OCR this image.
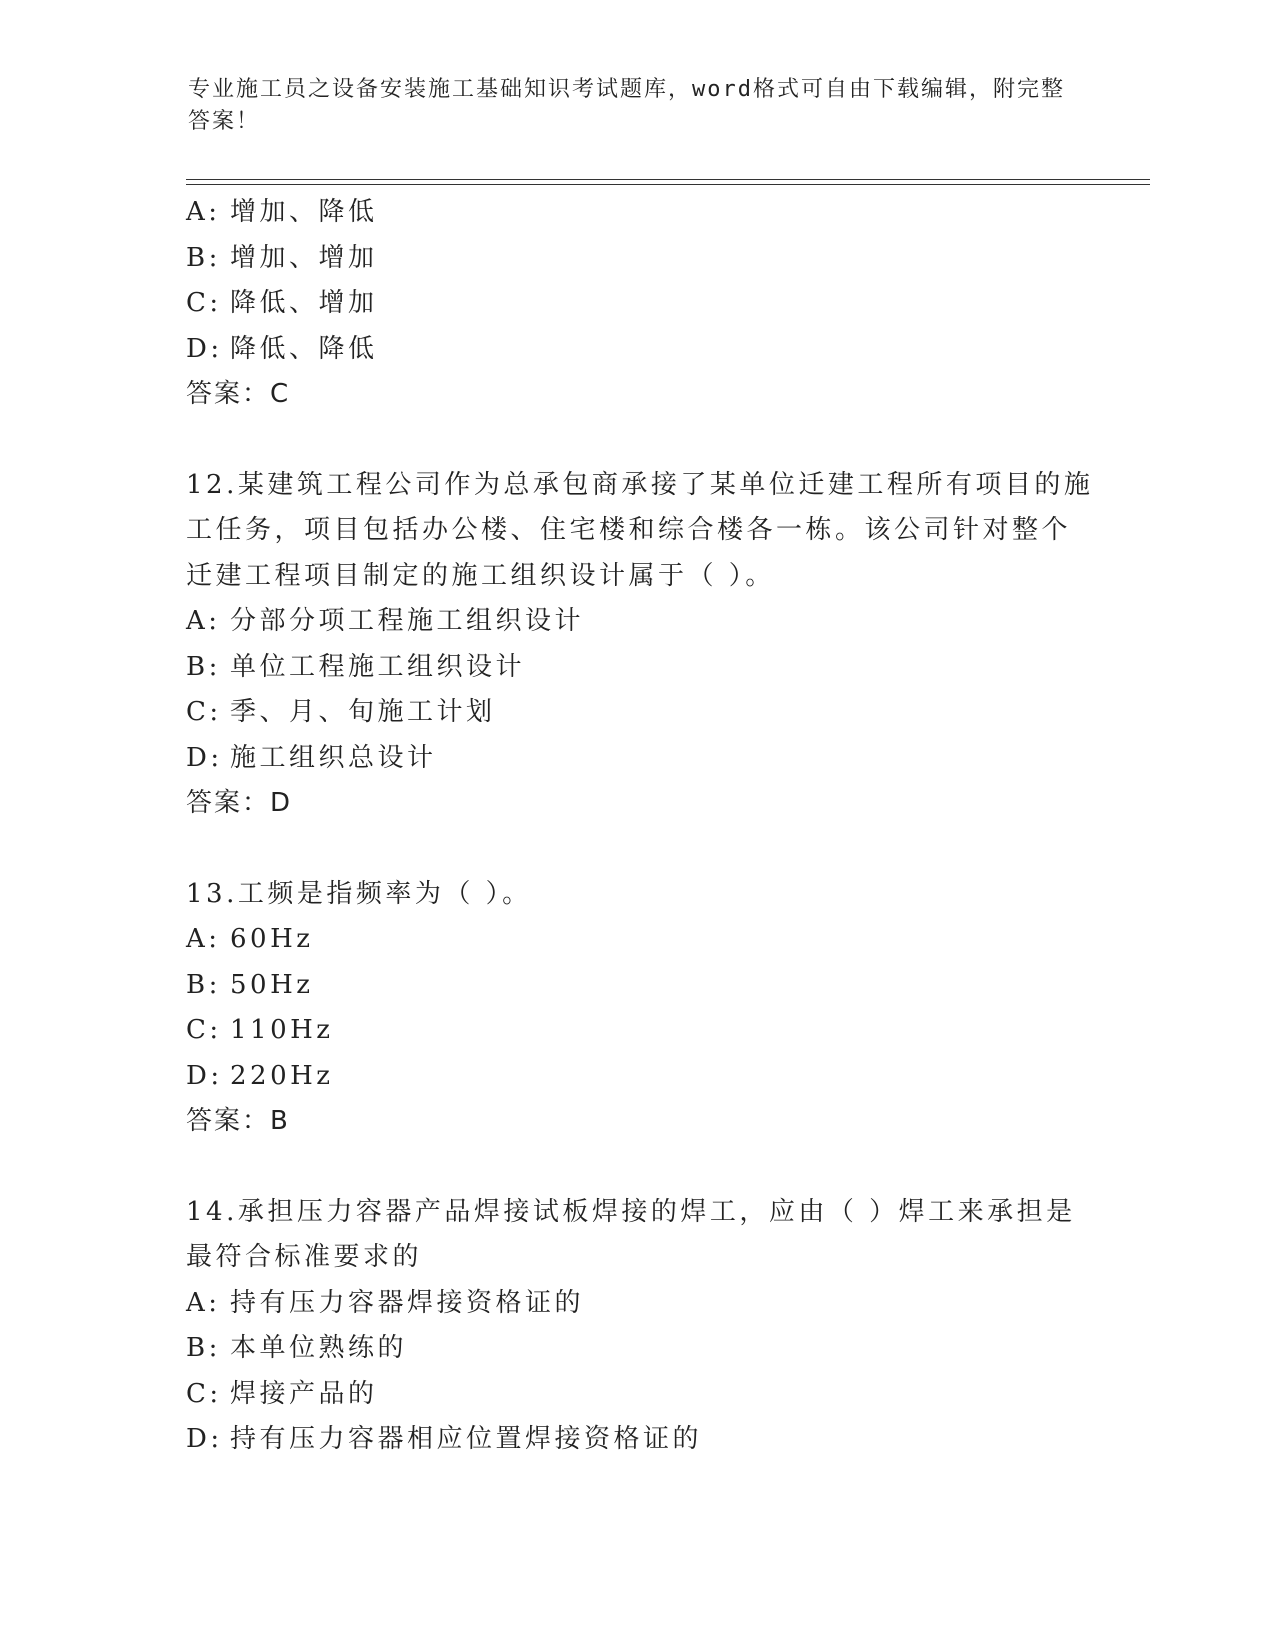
专业施工员之设备安装施工基础知识考试题库，word格式可自由下载编辑，附完整答案！
A: 增加、降低
B: 增加、增加
C: 降低、增加
D: 降低、降低
答案：C
12.某建筑工程公司作为总承包商承接了某单位迁建工程所有项目的施
工任务，项目包括办公楼、住宅楼和综合楼各一栋。该公司针对整个
迁建工程项目制定的施工组织设计属于（ ）。
A: 分部分项工程施工组织设计
B: 单位工程施工组织设计
C: 季、月、旬施工计划
D: 施工组织总设计
答案：D
13.工频是指频率为（ ）。
A: 60Hz
B: 50Hz
C: 110Hz
D: 220Hz
答案：B
14.承担压力容器产品焊接试板焊接的焊工，应由（ ）焊工来承担是
最符合标准要求的
A: 持有压力容器焊接资格证的
B: 本单位熟练的
C: 焊接产品的
D: 持有压力容器相应位置焊接资格证的
